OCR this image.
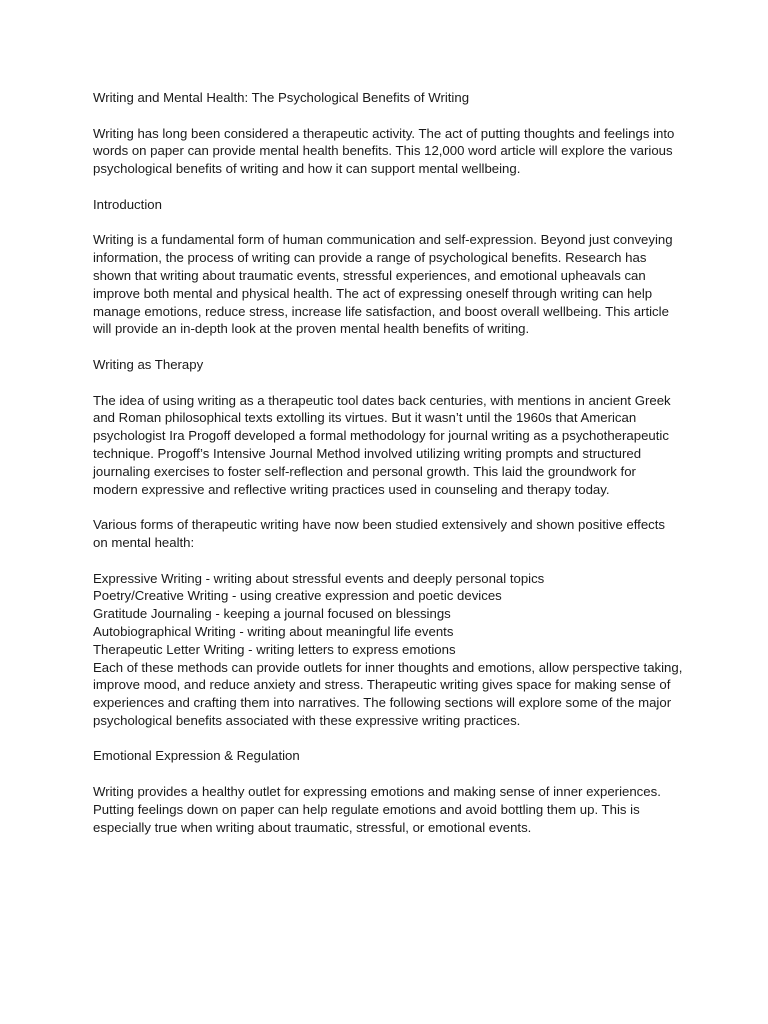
Writing and Mental Health: The Psychological Benefits of Writing

Writing has long been considered a therapeutic activity. The act of putting thoughts and feelings into words on paper can provide mental health benefits. This 12,000 word article will explore the various psychological benefits of writing and how it can support mental wellbeing.

Introduction

Writing is a fundamental form of human communication and self-expression. Beyond just conveying information, the process of writing can provide a range of psychological benefits. Research has shown that writing about traumatic events, stressful experiences, and emotional upheavals can improve both mental and physical health. The act of expressing oneself through writing can help manage emotions, reduce stress, increase life satisfaction, and boost overall wellbeing. This article will provide an in-depth look at the proven mental health benefits of writing.

Writing as Therapy

The idea of using writing as a therapeutic tool dates back centuries, with mentions in ancient Greek and Roman philosophical texts extolling its virtues. But it wasn’t until the 1960s that American psychologist Ira Progoff developed a formal methodology for journal writing as a psychotherapeutic technique. Progoff’s Intensive Journal Method involved utilizing writing prompts and structured journaling exercises to foster self-reflection and personal growth. This laid the groundwork for modern expressive and reflective writing practices used in counseling and therapy today.

Various forms of therapeutic writing have now been studied extensively and shown positive effects on mental health:

Expressive Writing - writing about stressful events and deeply personal topics
Poetry/Creative Writing - using creative expression and poetic devices
Gratitude Journaling - keeping a journal focused on blessings
Autobiographical Writing - writing about meaningful life events
Therapeutic Letter Writing - writing letters to express emotions

Each of these methods can provide outlets for inner thoughts and emotions, allow perspective taking, improve mood, and reduce anxiety and stress. Therapeutic writing gives space for making sense of experiences and crafting them into narratives. The following sections will explore some of the major psychological benefits associated with these expressive writing practices.

Emotional Expression & Regulation

Writing provides a healthy outlet for expressing emotions and making sense of inner experiences. Putting feelings down on paper can help regulate emotions and avoid bottling them up. This is especially true when writing about traumatic, stressful, or emotional events.
